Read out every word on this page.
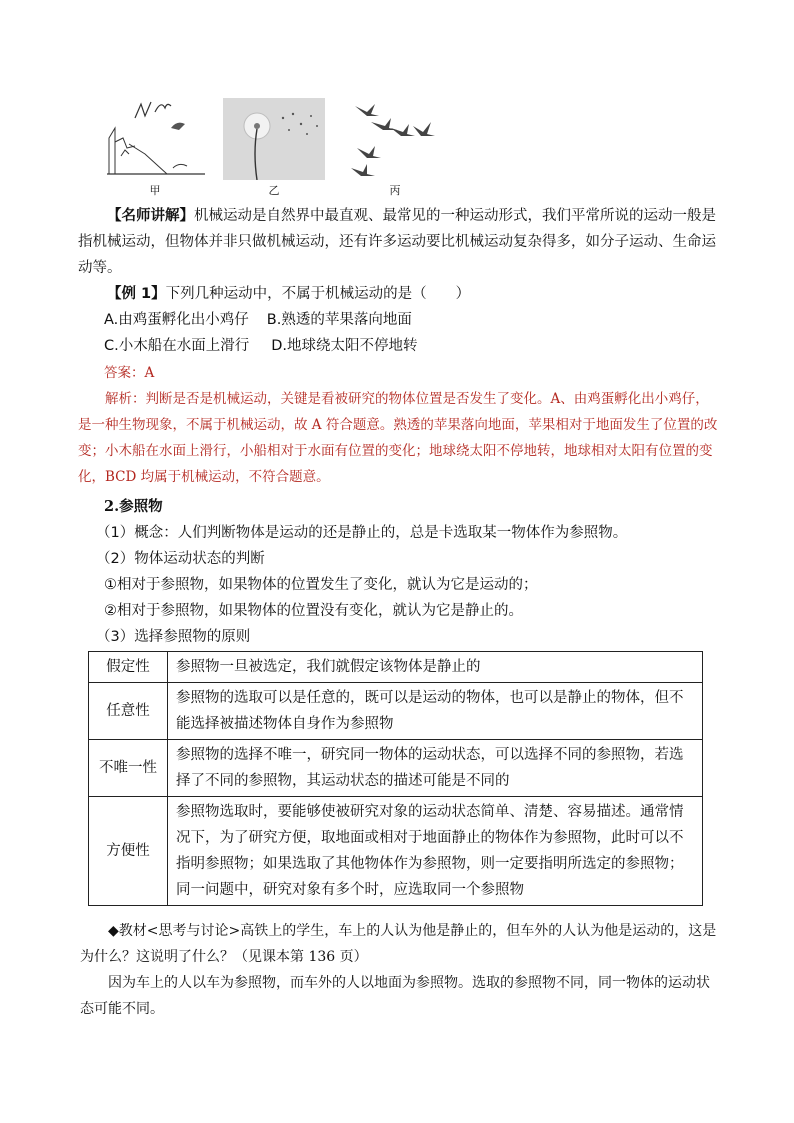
甲	乙	丙
【名师讲解】机械运动是自然界中最直观、最常见的一种运动形式，我们平常所说的运动一般是指机械运动，但物体并非只做机械运动，还有许多运动要比机械运动复杂得多，如分子运动、生命运动等。
【例 1】下列几种运动中，不属于机械运动的是（　　）
A.由鸡蛋孵化出小鸡仔 B.熟透的苹果落向地面
C.小木船在水面上滑行 D.地球绕太阳不停地转
答案：A
解析：判断是否是机械运动，关键是看被研究的物体位置是否发生了变化。A、由鸡蛋孵化出小鸡仔，是一种生物现象，不属于机械运动，故 A 符合题意。熟透的苹果落向地面，苹果相对于地面发生了位置的改变；小木船在水面上滑行，小船相对于水面有位置的变化；地球绕太阳不停地转，地球相对太阳有位置的变化，BCD 均属于机械运动，不符合题意。
2.参照物
（1）概念：人们判断物体是运动的还是静止的，总是卡选取某一物体作为参照物。
（2）物体运动状态的判断
①相对于参照物，如果物体的位置发生了变化，就认为它是运动的；
②相对于参照物，如果物体的位置没有变化，就认为它是静止的。
（3）选择参照物的原则
假定性	参照物一旦被选定，我们就假定该物体是静止的
任意性	参照物的选取可以是任意的，既可以是运动的物体，也可以是静止的物体，但不能选择被描述物体自身作为参照物
不唯一性	参照物的选择不唯一，研究同一物体的运动状态，可以选择不同的参照物，若选择了不同的参照物，其运动状态的描述可能是不同的
方便性	参照物选取时，要能够使被研究对象的运动状态简单、清楚、容易描述。通常情况下，为了研究方便，取地面或相对于地面静止的物体作为参照物，此时可以不指明参照物；如果选取了其他物体作为参照物，则一定要指明所选定的参照物；同一问题中，研究对象有多个时，应选取同一个参照物
◆教材<思考与讨论>高铁上的学生，车上的人认为他是静止的，但车外的人认为他是运动的，这是为什么？这说明了什么？（见课本第 136 页）
因为车上的人以车为参照物，而车外的人以地面为参照物。选取的参照物不同，同一物体的运动状态可能不同。
